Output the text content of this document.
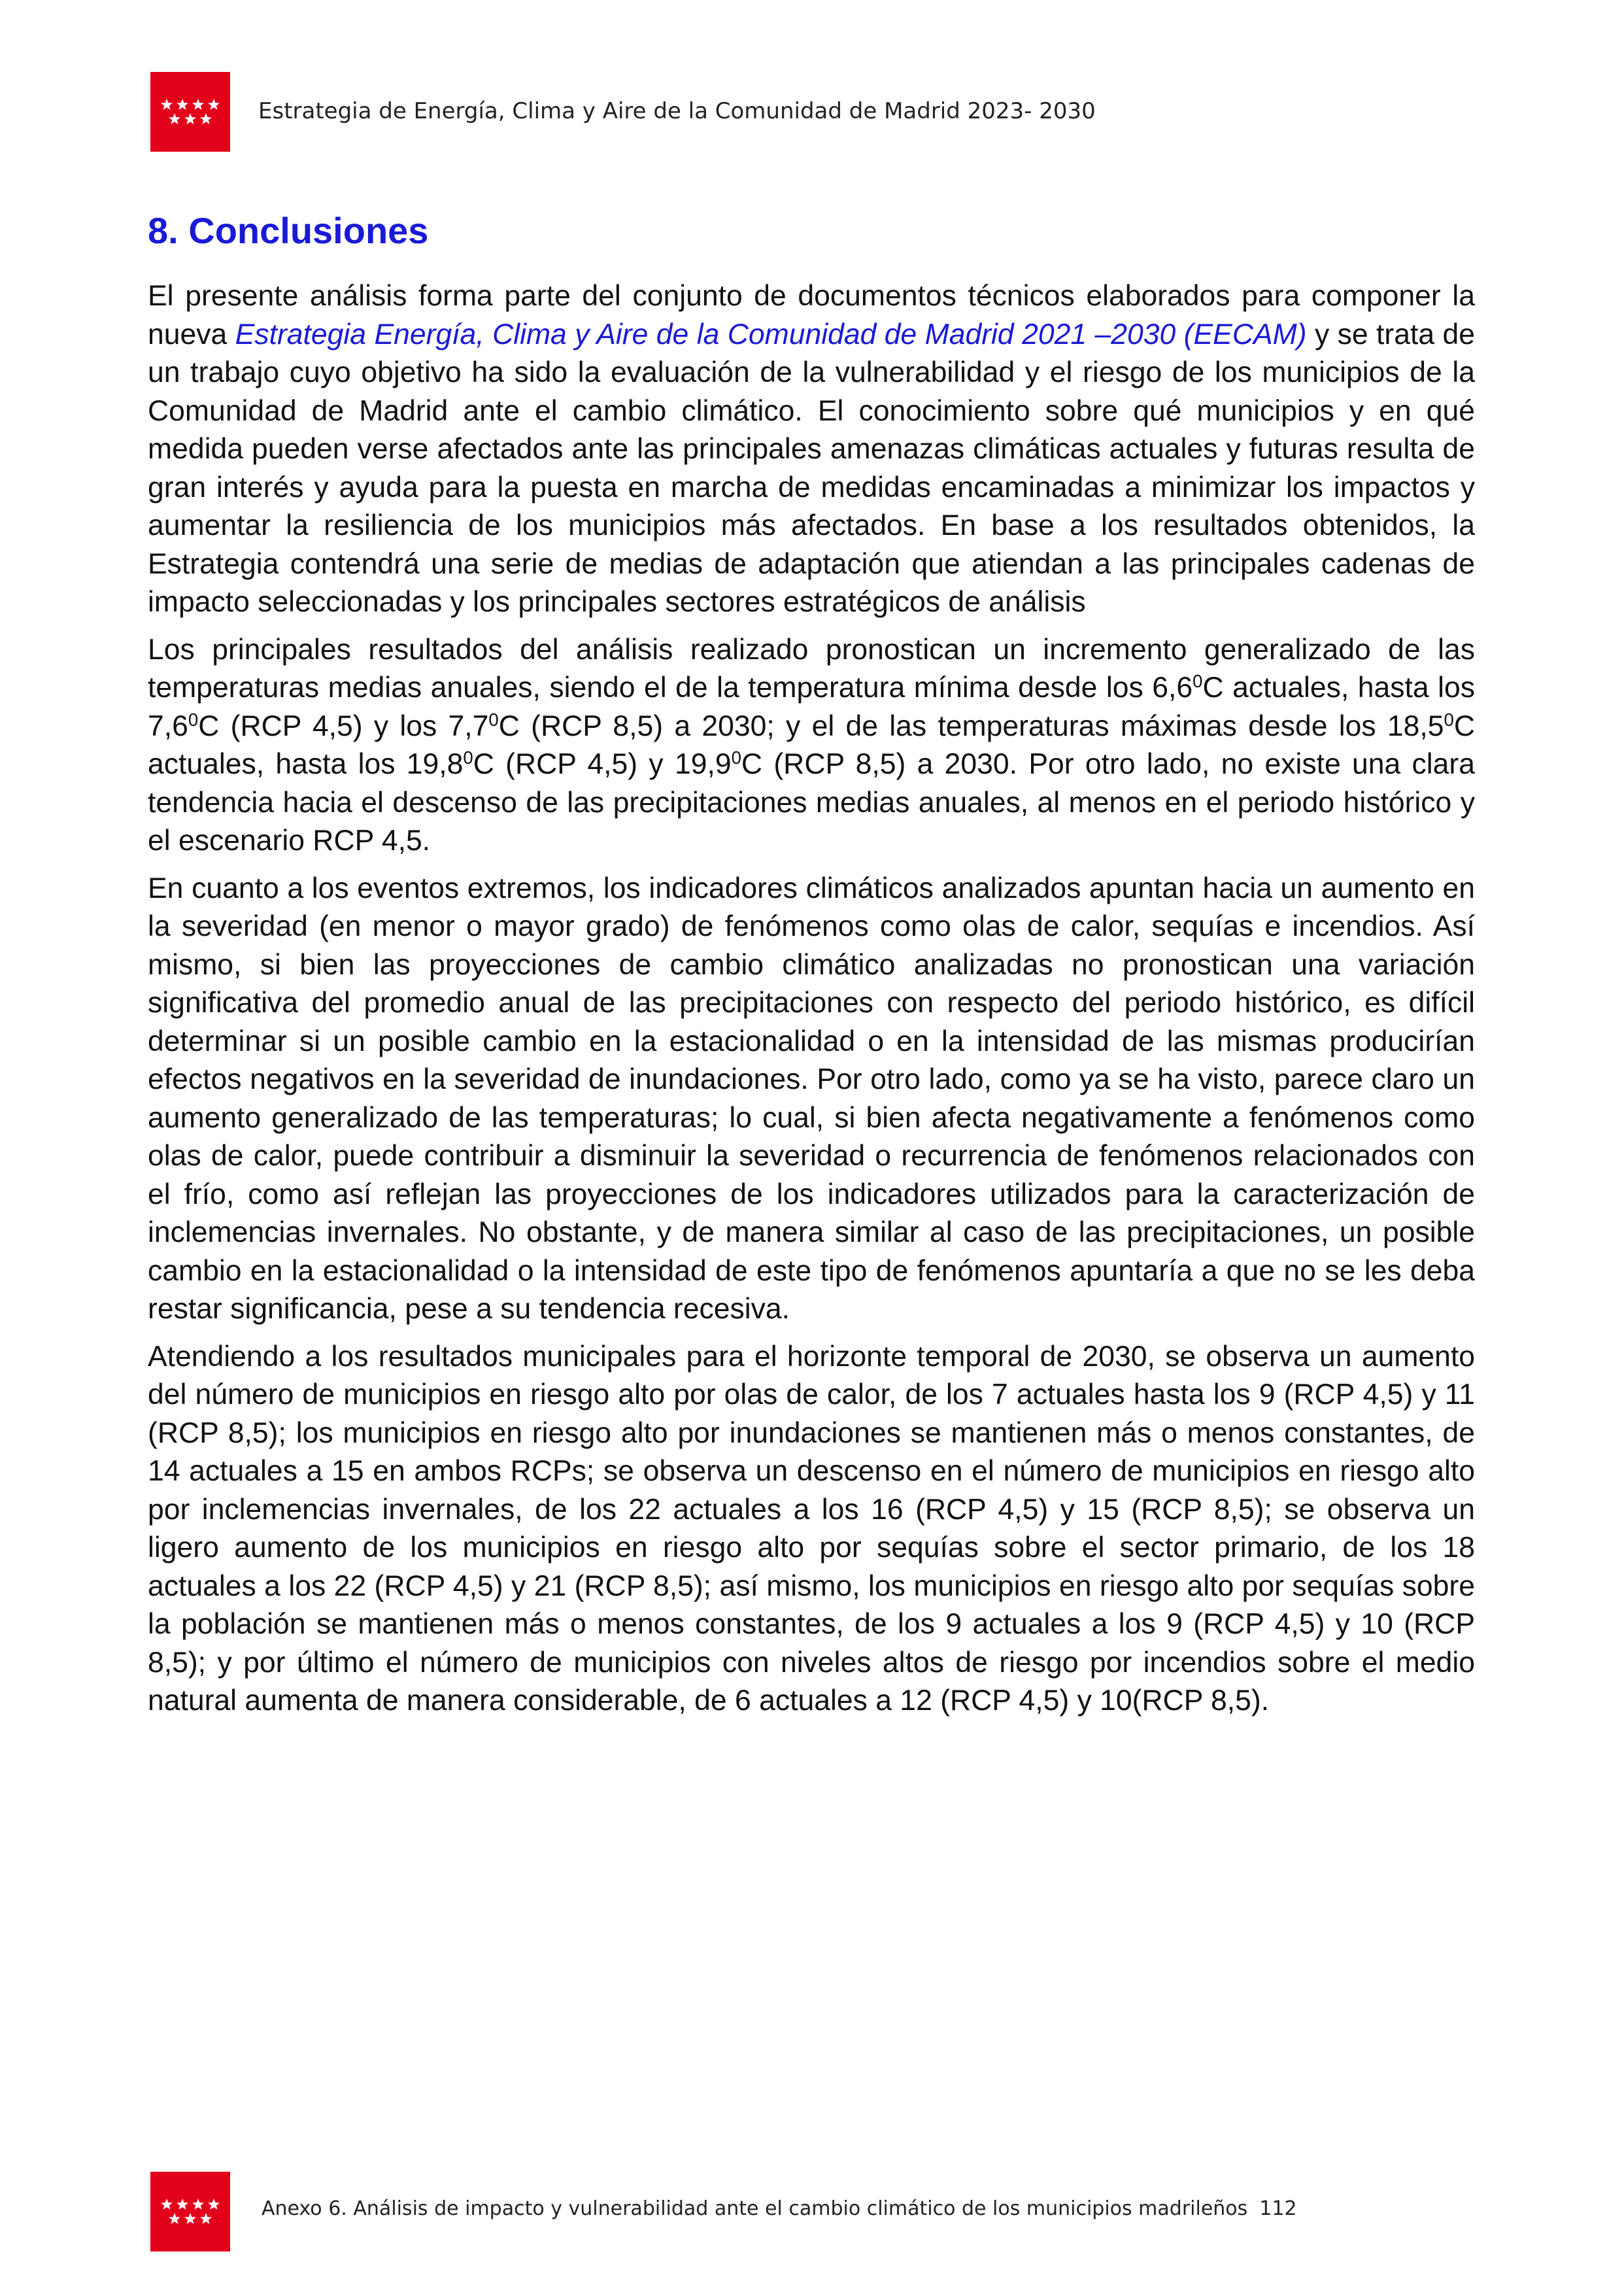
Estrategia de Energía, Clima y Aire de la Comunidad de Madrid 2023- 2030
8. Conclusiones

El presente análisis forma parte del conjunto de documentos técnicos elaborados para componer la nueva Estrategia Energía, Clima y Aire de la Comunidad de Madrid 2021 –2030 (EECAM) y se trata de un trabajo cuyo objetivo ha sido la evaluación de la vulnerabilidad y el riesgo de los municipios de la Comunidad de Madrid ante el cambio climático. El conocimiento sobre qué municipios y en qué medida pueden verse afectados ante las principales amenazas climáticas actuales y futuras resulta de gran interés y ayuda para la puesta en marcha de medidas encaminadas a minimizar los impactos y aumentar la resiliencia de los municipios más afectados. En base a los resultados obtenidos, la Estrategia contendrá una serie de medias de adaptación que atiendan a las principales cadenas de impacto seleccionadas y los principales sectores estratégicos de análisis

Los principales resultados del análisis realizado pronostican un incremento generalizado de las temperaturas medias anuales, siendo el de la temperatura mínima desde los $6,6^0C$ actuales, hasta los $7,6^0C$ (RCP 4,5) y los $7,7^0C$ (RCP 8,5) a 2030; y el de las temperaturas máximas desde los 18,5$^0$C actuales, hasta los 19,8$^0$C (RCP 4,5) y 19,9$^0$C (RCP 8,5) a 2030. Por otro lado, no existe una clara tendencia hacia el descenso de las precipitaciones medias anuales, al menos en el periodo histórico y el escenario RCP 4,5.

En cuanto a los eventos extremos, los indicadores climáticos analizados apuntan hacia un aumento en la severidad (en menor o mayor grado) de fenómenos como olas de calor, sequías e incendios. Así mismo, si bien las proyecciones de cambio climático analizadas no pronostican una variación significativa del promedio anual de las precipitaciones con respecto del periodo histórico, es difícil determinar si un posible cambio en la estacionalidad o en la intensidad de las mismas producirían efectos negativos en la severidad de inundaciones. Por otro lado, como ya se ha visto, parece claro un aumento generalizado de las temperaturas; lo cual, si bien afecta negativamente a fenómenos como olas de calor, puede contribuir a disminuir la severidad o recurrencia de fenómenos relacionados con el frío, como así reflejan las proyecciones de los indicadores utilizados para la caracterización de inclemencias invernales. No obstante, y de manera similar al caso de las precipitaciones, un posible cambio en la estacionalidad o la intensidad de este tipo de fenómenos apuntaría a que no se les deba restar significancia, pese a su tendencia recesiva.

Atendiendo a los resultados municipales para el horizonte temporal de 2030, se observa un aumento del número de municipios en riesgo alto por olas de calor, de los 7 actuales hasta los 9 (RCP 4,5) y 11 (RCP 8,5); los municipios en riesgo alto por inundaciones se mantienen más o menos constantes, de 14 actuales a 15 en ambos RCPs; se observa un descenso en el número de municipios en riesgo alto por inclemencias invernales, de los 22 actuales a los 16 (RCP 4,5) y 15 (RCP 8,5); se observa un ligero aumento de los municipios en riesgo alto por sequías sobre el sector primario, de los 18 actuales a los 22 (RCP 4,5) y 21 (RCP 8,5); así mismo, los municipios en riesgo alto por sequías sobre la población se mantienen más o menos constantes, de los 9 actuales a los 9 (RCP 4,5) y 10 (RCP 8,5); y por último el número de municipios con niveles altos de riesgo por incendios sobre el medio natural aumenta de manera considerable, de 6 actuales a 12 (RCP 4,5) y 10(RCP 8,5).

Anexo 6. Análisis de impacto y vulnerabilidad ante el cambio climático de los municipios madrileños 112
